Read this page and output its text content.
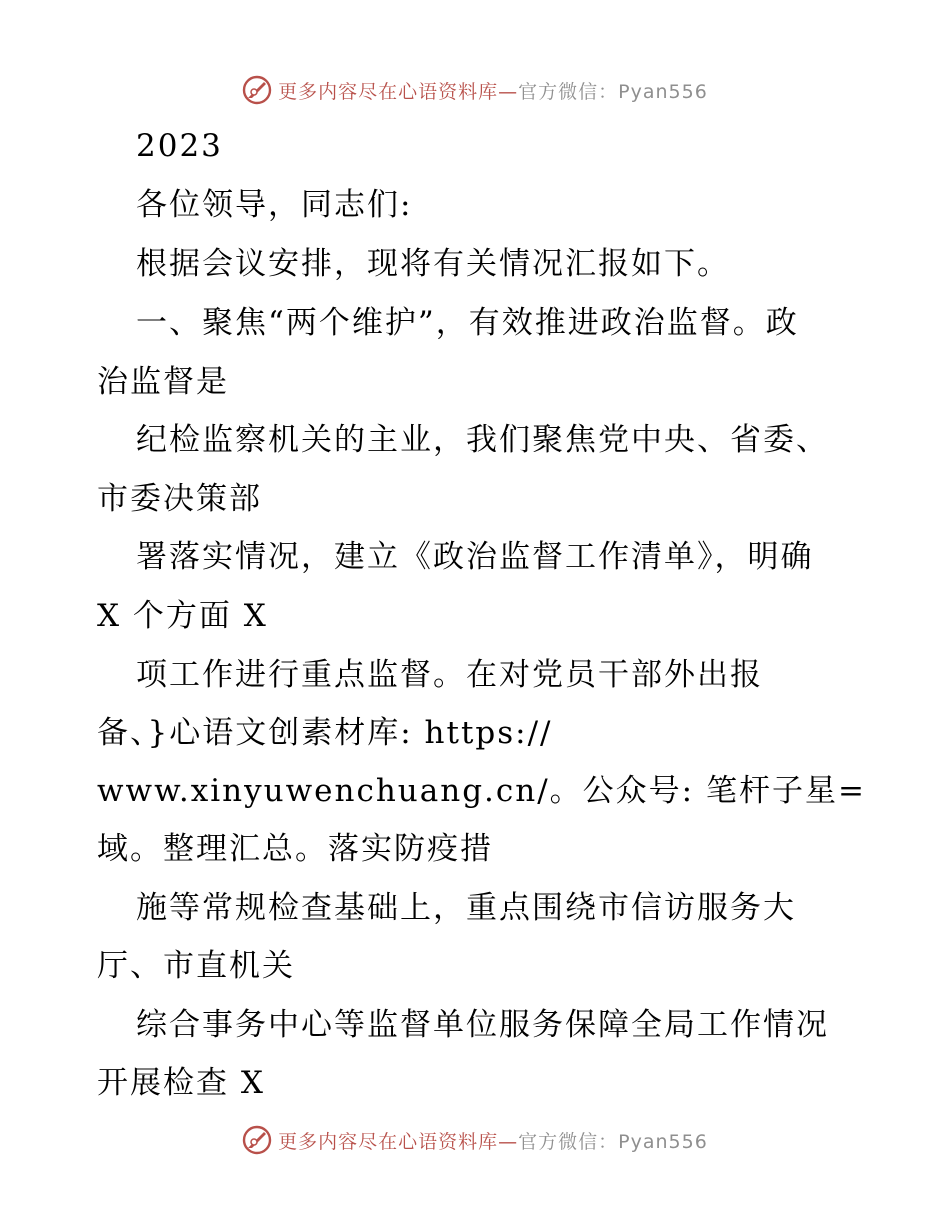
更多内容尽在心语资料库—官方微信：Pyan556
2023
各位领导，同志们:
根据会议安排，现将有关情况汇报如下。
一、聚焦“两个维护”，有效推进政治监督。政
治监督是
纪检监察机关的主业，我们聚焦党中央、省委、
市委决策部
署落实情况，建立《政治监督工作清单》，明确
X 个方面 X
项工作进行重点监督。在对党员干部外出报
备、}心语文创素材库: https://
www.xinyuwenchuang.cn/。公众号: 笔杆子星=
域。整理汇总。落实防疫措
施等常规检查基础上，重点围绕市信访服务大
厅、市直机关
综合事务中心等监督单位服务保障全局工作情况
开展检查 X
更多内容尽在心语资料库—官方微信：Pyan556
